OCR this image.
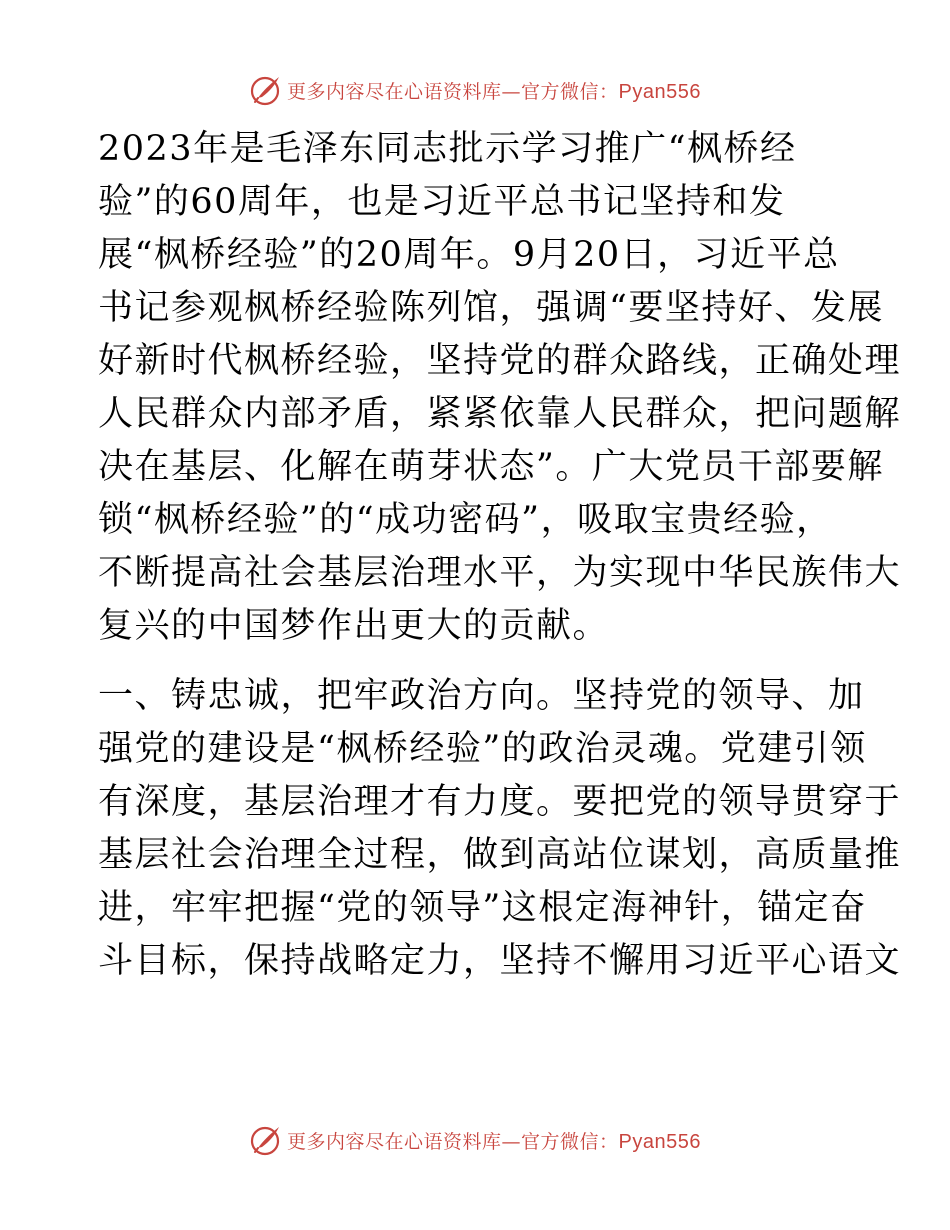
更多内容尽在心语资料库—官方微信：Pyan556
2023年是毛泽东同志批示学习推广“枫桥经
验”的60周年，也是习近平总书记坚持和发
展“枫桥经验”的20周年。9月20日，习近平总
书记参观枫桥经验陈列馆，强调“要坚持好、发展
好新时代枫桥经验，坚持党的群众路线，正确处理
人民群众内部矛盾，紧紧依靠人民群众，把问题解
决在基层、化解在萌芽状态”。广大党员干部要解
锁“枫桥经验”的“成功密码”，吸取宝贵经验，
不断提高社会基层治理水平，为实现中华民族伟大
复兴的中国梦作出更大的贡献。
一、铸忠诚，把牢政治方向。坚持党的领导、加
强党的建设是“枫桥经验”的政治灵魂。党建引领
有深度，基层治理才有力度。要把党的领导贯穿于
基层社会治理全过程，做到高站位谋划，高质量推
进，牢牢把握“党的领导”这根定海神针，锚定奋
斗目标，保持战略定力，坚持不懈用习近平心语文
更多内容尽在心语资料库—官方微信：Pyan556
